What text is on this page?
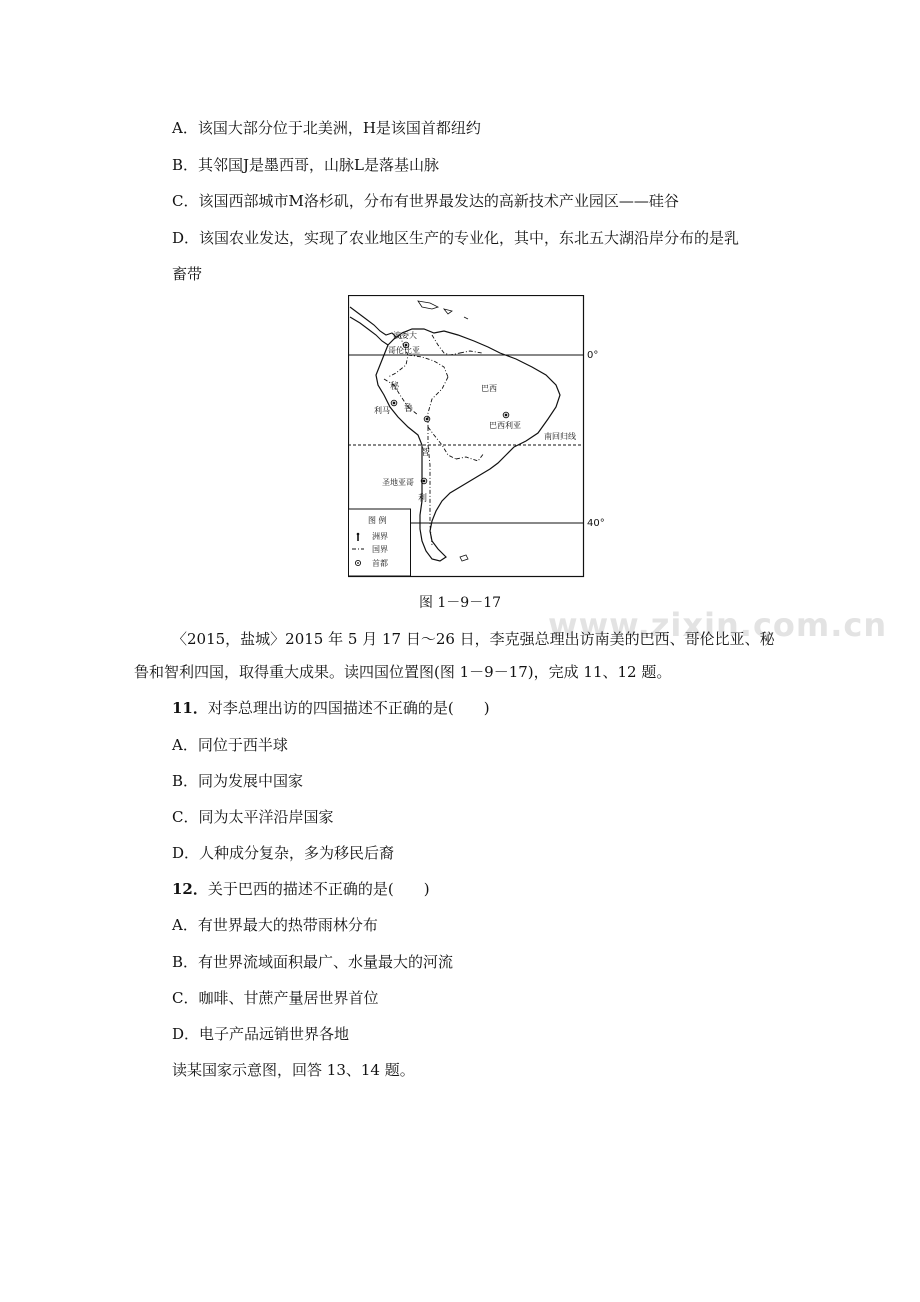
A．该国大部分位于北美洲，H是该国首都纽约
B．其邻国J是墨西哥，山脉L是落基山脉
C．该国西部城市M洛杉矶，分布有世界最发达的高新技术产业园区——硅谷
D．该国农业发达，实现了农业地区生产的专业化，其中，东北五大湖沿岸分布的是乳
畜带
波委大
哥伦比亚
秘
利马 鲁
巴西
巴西利亚
南回归线
智
圣地亚哥
利
0°
40°
图 例
洲界
国界
首都
图 1－9－17
www.zixin.com.cn
〈2015，盐城〉2015 年 5 月 17 日～26 日，李克强总理出访南美的巴西、哥伦比亚、秘
鲁和智利四国，取得重大成果。读四国位置图(图 1－9－17)，完成 11、12 题。
11．对李总理出访的四国描述不正确的是(　　)
A．同位于西半球
B．同为发展中国家
C．同为太平洋沿岸国家
D．人种成分复杂，多为移民后裔
12．关于巴西的描述不正确的是(　　)
A．有世界最大的热带雨林分布
B．有世界流域面积最广、水量最大的河流
C．咖啡、甘蔗产量居世界首位
D．电子产品远销世界各地
读某国家示意图，回答 13、14 题。
